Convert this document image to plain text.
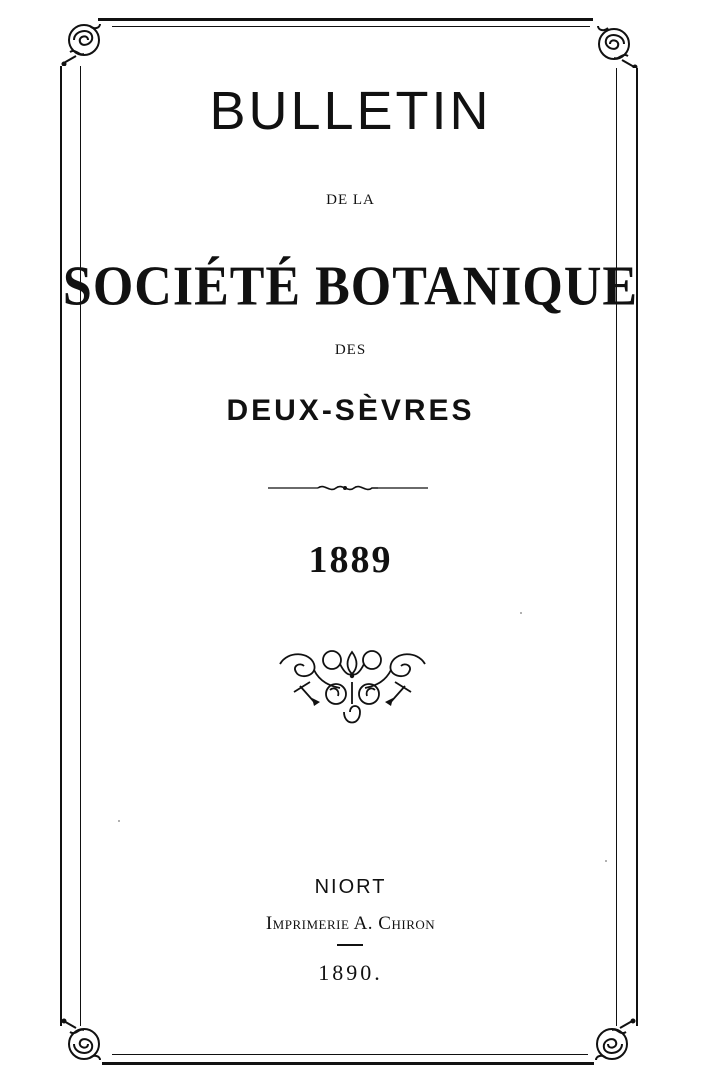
BULLETIN

DE LA

SOCIÉTÉ BOTANIQUE

DES

DEUX-SÈVRES

1889

NIORT

Imprimerie A. Chiron

1890.
